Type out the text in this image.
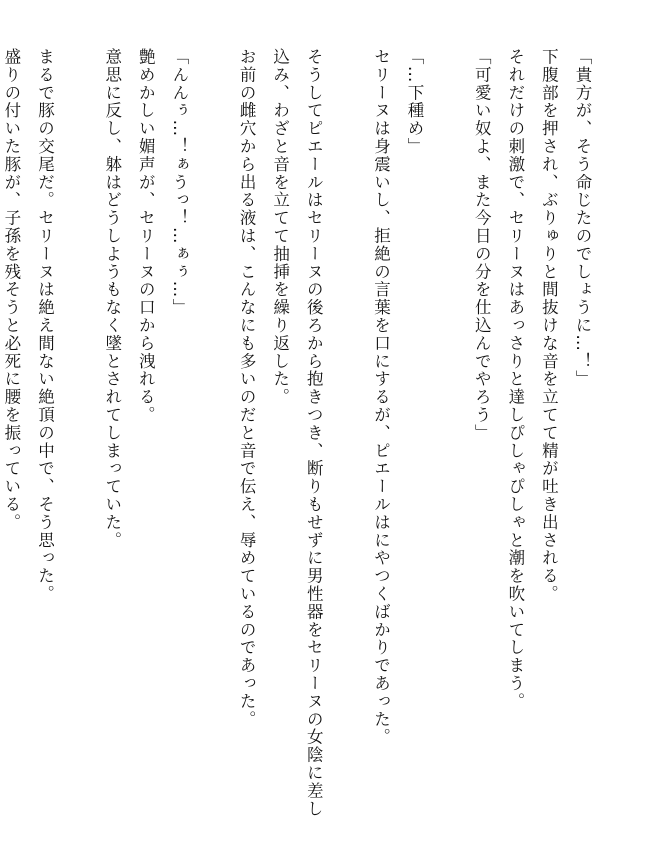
「貴方が、そう命じたのでしょうに…！」
下腹部を押され、ぶりゅりと間抜けな音を立てて精が吐き出される。
それだけの刺激で、セリーヌはあっさりと達しぴしゃぴしゃと潮を吹いてしまう。
「可愛い奴よ、また今日の分を仕込んでやろう」
「…下種め」
セリーヌは身震いし、拒絶の言葉を口にするが、ピエールはにやつくばかりであった。
そうしてピエールはセリーヌの後ろから抱きつき、断りもせずに男性器をセリーヌの女陰に差し
込み、わざと音を立てて抽挿を繰り返した。
お前の雌穴から出る液は、こんなにも多いのだと音で伝え、辱めているのであった。
「んんぅ…！ぁうっ！…ぁぅ…」
艶めかしい媚声が、セリーヌの口から洩れる。
意思に反し、躰はどうしようもなく墜とされてしまっていた。
まるで豚の交尾だ。セリーヌは絶え間ない絶頂の中で、そう思った。
盛りの付いた豚が、子孫を残そうと必死に腰を振っている。
